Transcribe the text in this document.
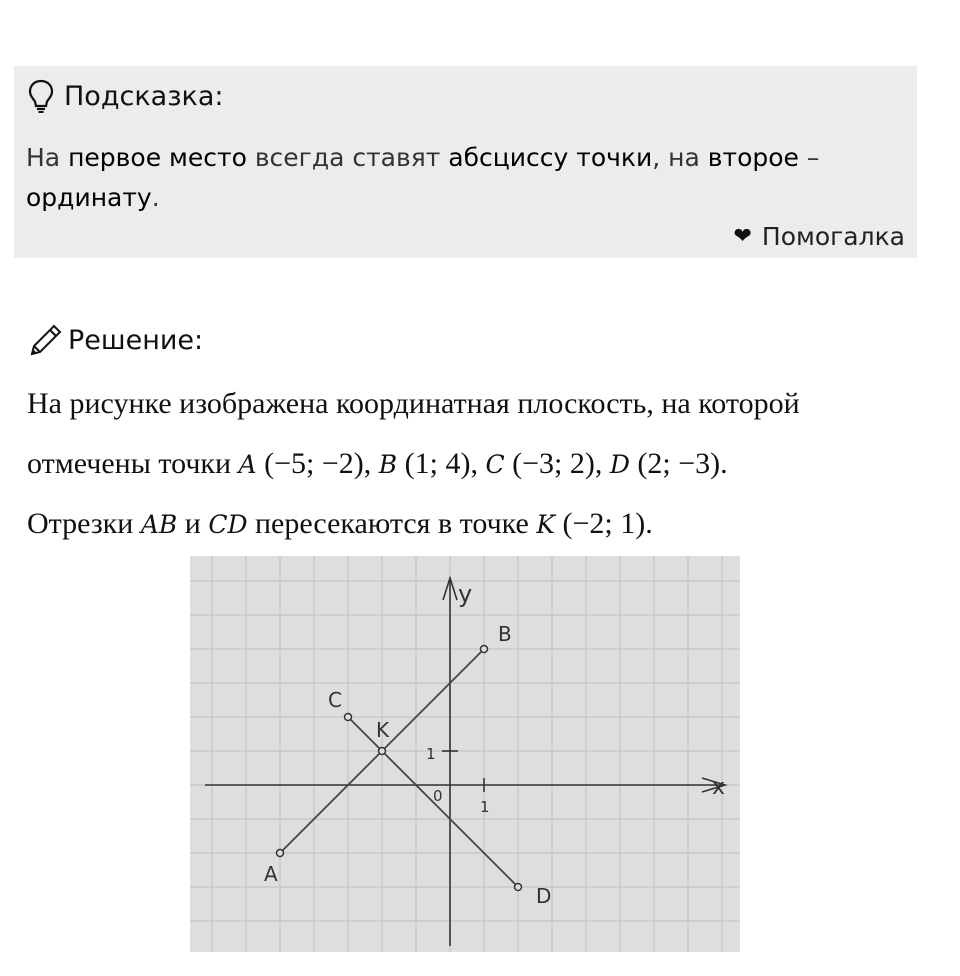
Подсказка:
На первое место всегда ставят абсциссу точки, на второе – ординату.
❤ Помогалка
Решение:

На рисунке изображена координатная плоскость, на которой

отмечены точки A (−5; −2), B (1; 4), C (−3; 2), D (2; −3).

Отрезки AB и CD пересекаются в точке K (−2; 1).

x
y
0
1
1
A
B
C
D
K
